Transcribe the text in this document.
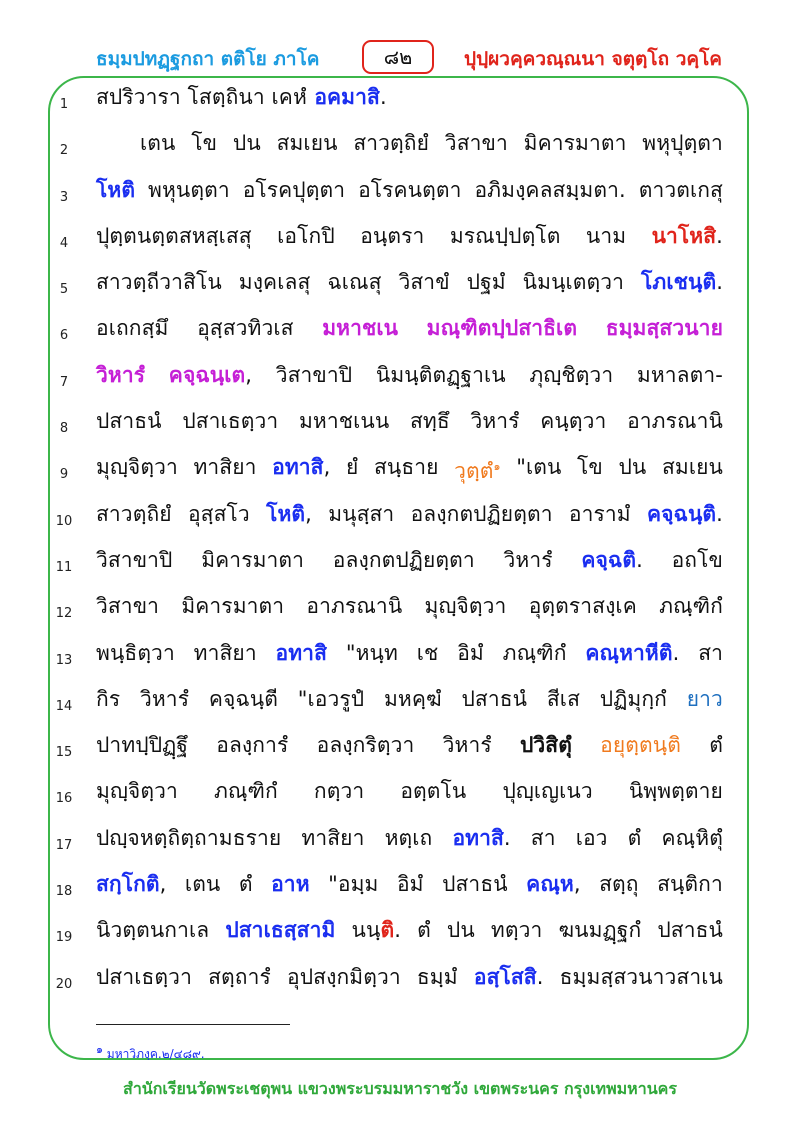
ธมฺมปทฏฺฐกถา ตติโย ภาโค	๘๒	ปุปฺผวคฺควณฺณนา จตุตฺโถ วคฺโค
1	สปริวารา โสตฺถินา เคหํ อคมาสิ.
2	เตน โข ปน สมเยน สาวตฺถิยํ วิสาขา มิคารมาตา พหุปุตฺตา
3	โหติ พหุนตฺตา อโรคปุตฺตา อโรคนตฺตา อภิมงฺคลสมฺมตา. ตาวตเกสุ
4	ปุตฺตนตฺตสหสฺเสสุ เอโกปิ อนฺตรา มรณปฺปตฺโต นาม นาโหสิ.
5	สาวตฺถีวาสิโน มงฺคเลสุ ฉเณสุ วิสาขํ ปฐมํ นิมนฺเตตฺวา โภเชนฺติ.
6	อเถกสฺมึ อุสฺสวทิวเส มหาชเน มณฺฑิตปฺปสาธิเต ธมฺมสฺสวนาย
7	วิหารํ คจฺฉนฺเต, วิสาขาปิ นิมนฺติตฏฺฐาเน ภุญฺชิตฺวา มหาลตา-
8	ปสาธนํ ปสาเธตฺวา มหาชเนน สทฺธึ วิหารํ คนฺตฺวา อาภรณานิ
9	มุญฺจิตฺวา ทาสิยา อทาสิ, ยํ สนฺธาย วุตฺตํ$^๑$ "เตน โข ปน สมเยน
10 สาวตฺถิยํ อุสฺสโว โหติ, มนุสฺสา อลงฺกตปฏิยตฺตา อารามํ คจฺฉนฺติ.
11 วิสาขาปิ มิคารมาตา อลงฺกตปฏิยตฺตา วิหารํ คจฺฉติ. อถโข
12 วิสาขา มิคารมาตา อาภรณานิ มุญฺจิตฺวา อุตฺตราสงฺเค ภณฺฑิกํ
13 พนฺธิตฺวา ทาสิยา อทาสิ "หนฺท เช อิมํ ภณฺฑิกํ คณฺหาหีติ. สา
14 กิร วิหารํ คจฺฉนฺตี "เอวรูปํ มหคฺฆํ ปสาธนํ สีเส ปฏิมุกฺกํ ยาว
15 ปาทปฺปิฏฺฐึ อลงฺการํ อลงฺกริตฺวา วิหารํ ปวิสิตุํ อยุตฺตนฺติ ตํ
16 มุญฺจิตฺวา ภณฺฑิกํ กตฺวา อตฺตโน ปุญฺเญเนว นิพฺพตฺตาย
17 ปญฺจหตฺถิตฺถามธราย ทาสิยา หตฺเถ อทาสิ. สา เอว ตํ คณฺหิตุํ
18 สกฺโกติ, เตน ตํ อาห "อมฺม อิมํ ปสาธนํ คณฺห, สตฺถุ สนฺติกา
19 นิวตฺตนกาเล ปสาเธสฺสามิ นนฺติ. ตํ ปน ทตฺวา ฆนมฏฺฐกํ ปสาธนํ
20 ปสาเธตฺวา สตฺถารํ อุปสงฺกมิตฺวา ธมฺมํ อสฺโสสิ. ธมฺมสฺสวนาวสาเน
$^๑$ มหาวิภงฺค.๒/๔๘๙.
สำนักเรียนวัดพระเชตุพน แขวงพระบรมมหาราชวัง เขตพระนคร กรุงเทพมหานคร
